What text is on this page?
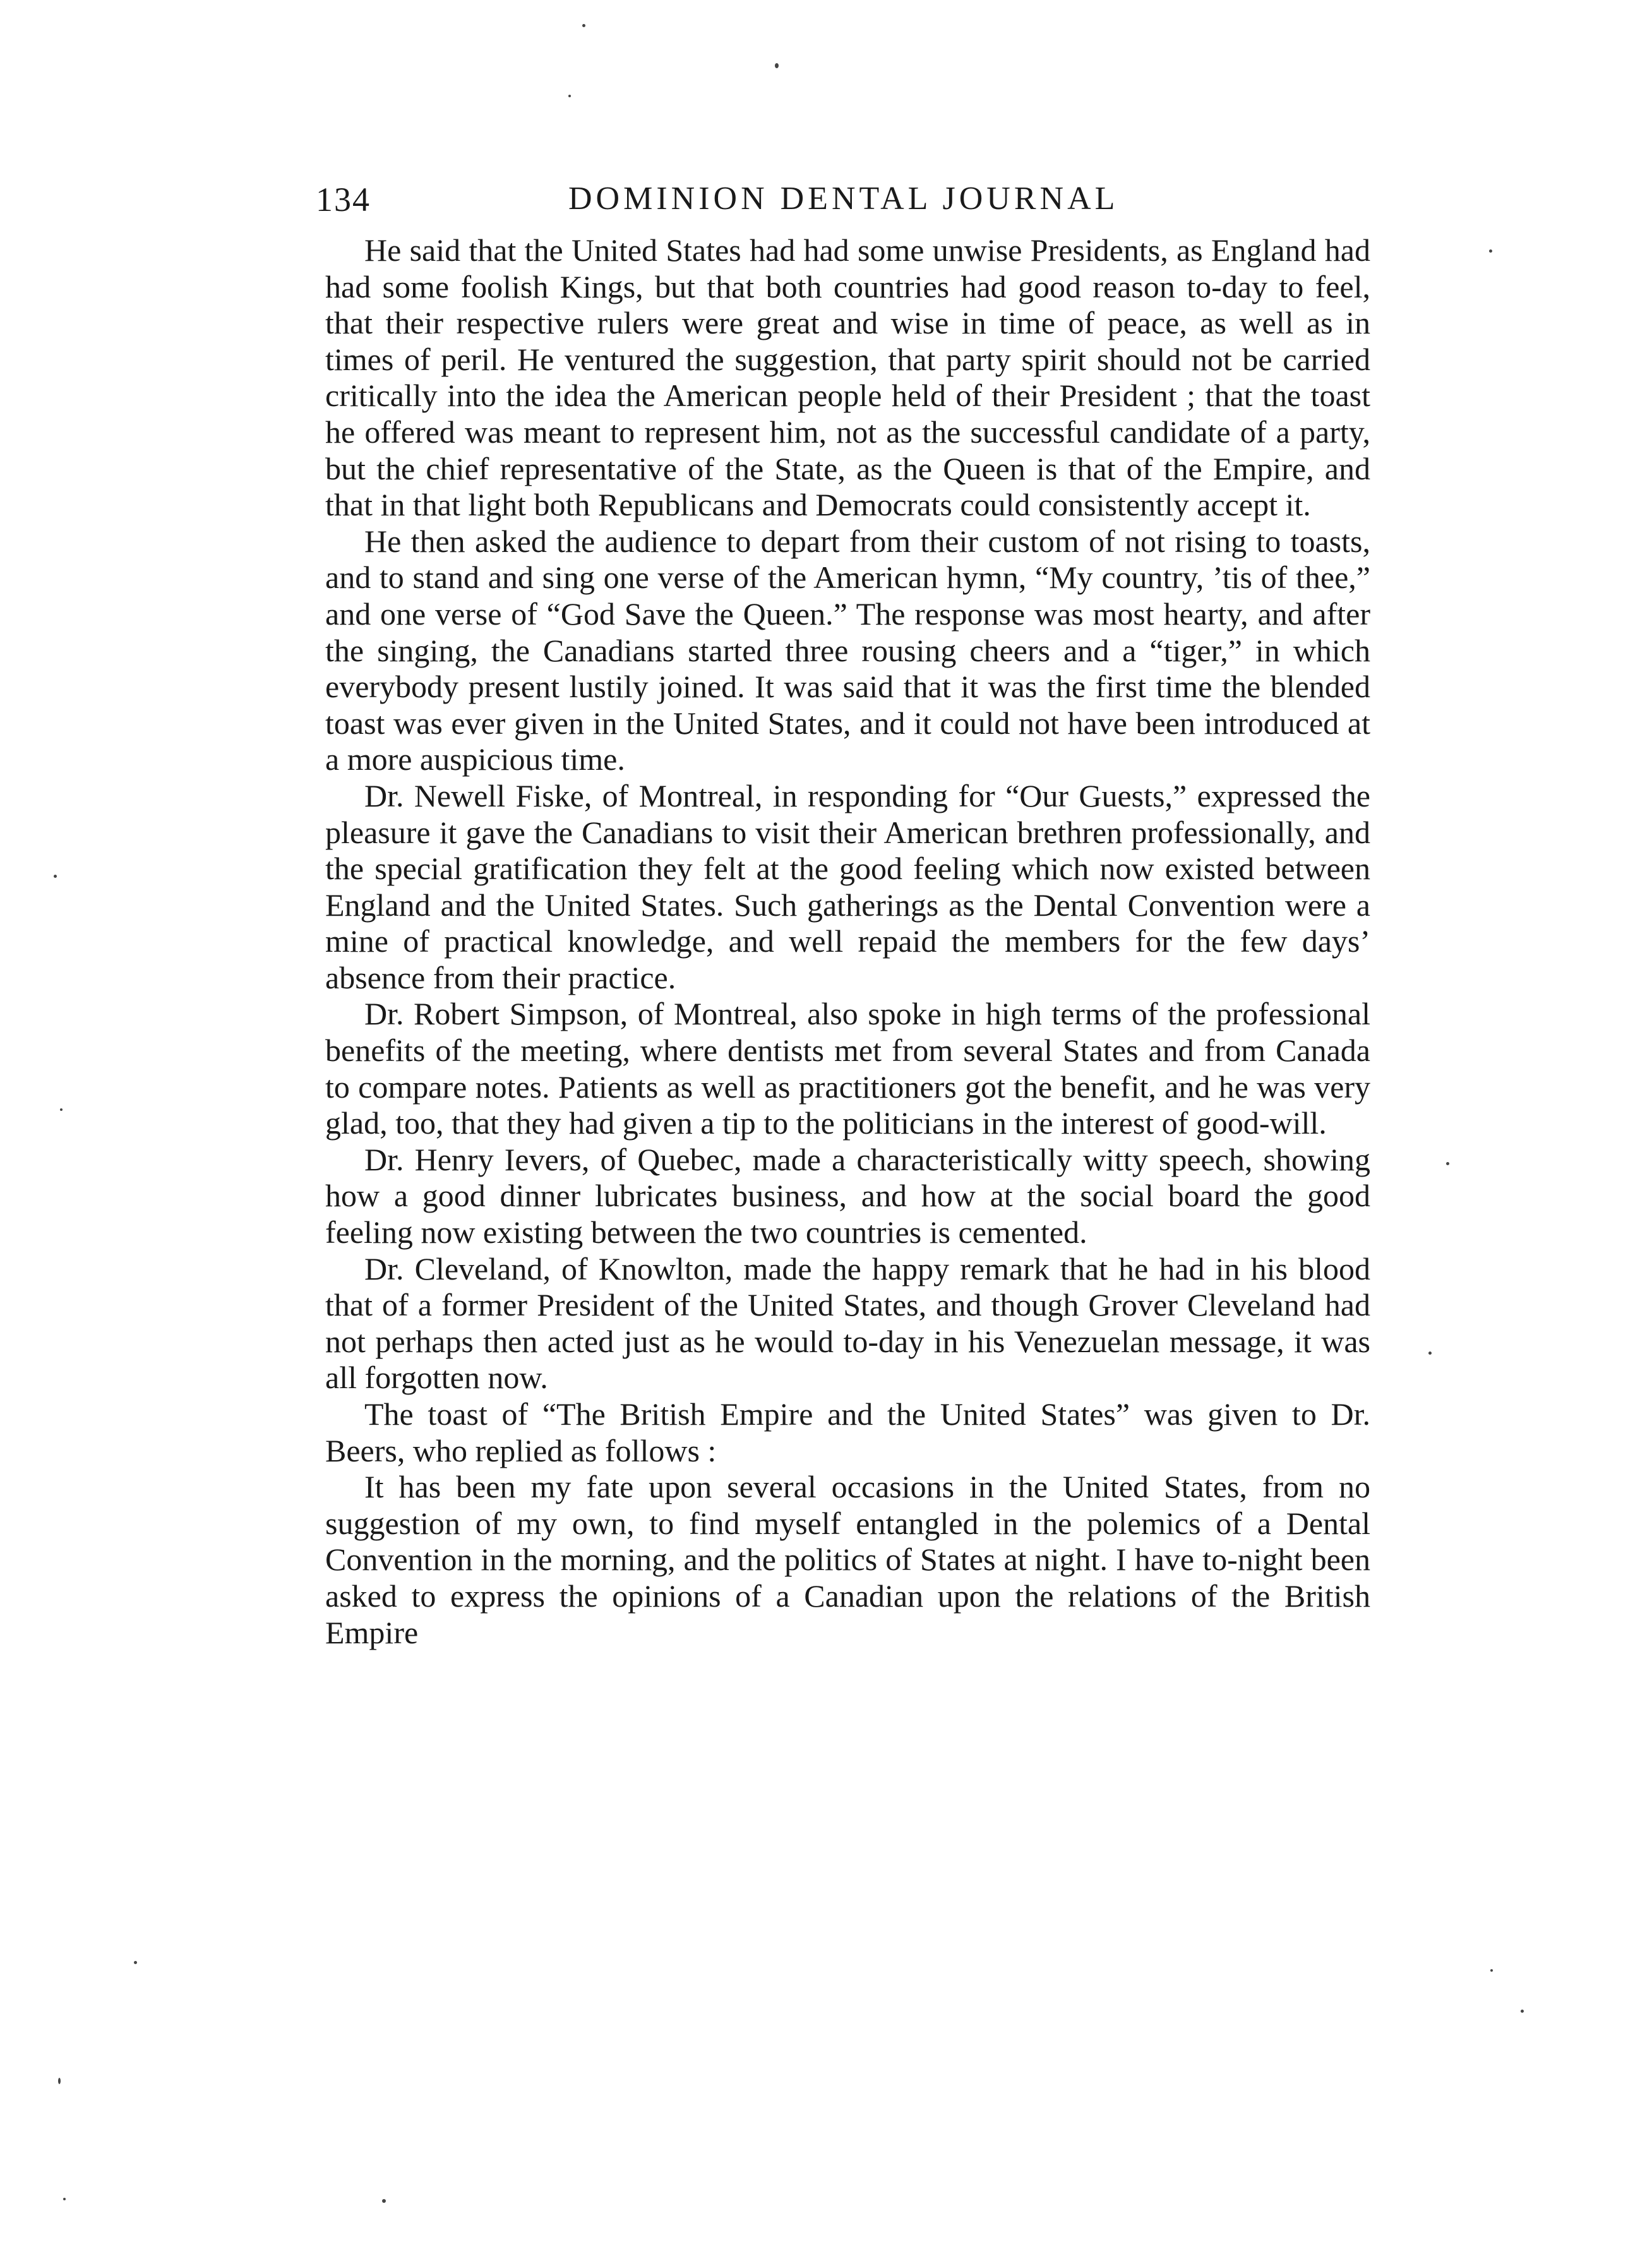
134	DOMINION DENTAL JOURNAL

He said that the United States had had some unwise Presidents, as England had had some foolish Kings, but that both countries had good reason to-day to feel, that their respective rulers were great and wise in time of peace, as well as in times of peril. He ventured the suggestion, that party spirit should not be carried critically into the idea the American people held of their President ; that the toast he offered was meant to represent him, not as the successful candidate of a party, but the chief representative of the State, as the Queen is that of the Empire, and that in that light both Republicans and Democrats could consistently accept it.

He then asked the audience to depart from their custom of not rising to toasts, and to stand and sing one verse of the American hymn, “My country, ’tis of thee,” and one verse of “God Save the Queen.” The response was most hearty, and after the singing, the Canadians started three rousing cheers and a “tiger,” in which everybody present lustily joined. It was said that it was the first time the blended toast was ever given in the United States, and it could not have been introduced at a more auspicious time.

Dr. Newell Fiske, of Montreal, in responding for “Our Guests,” expressed the pleasure it gave the Canadians to visit their American brethren professionally, and the special gratification they felt at the good feeling which now existed between England and the United States. Such gatherings as the Dental Convention were a mine of practical knowledge, and well repaid the members for the few days’ absence from their practice.

Dr. Robert Simpson, of Montreal, also spoke in high terms of the professional benefits of the meeting, where dentists met from several States and from Canada to compare notes. Patients as well as practitioners got the benefit, and he was very glad, too, that they had given a tip to the politicians in the interest of good-will.

Dr. Henry Ievers, of Quebec, made a characteristically witty speech, showing how a good dinner lubricates business, and how at the social board the good feeling now existing between the two countries is cemented.

Dr. Cleveland, of Knowlton, made the happy remark that he had in his blood that of a former President of the United States, and though Grover Cleveland had not perhaps then acted just as he would to-day in his Venezuelan message, it was all forgotten now.

The toast of “The British Empire and the United States” was given to Dr. Beers, who replied as follows :

It has been my fate upon several occasions in the United States, from no suggestion of my own, to find myself entangled in the polemics of a Dental Convention in the morning, and the politics of States at night. I have to-night been asked to express the opinions of a Canadian upon the relations of the British Empire
